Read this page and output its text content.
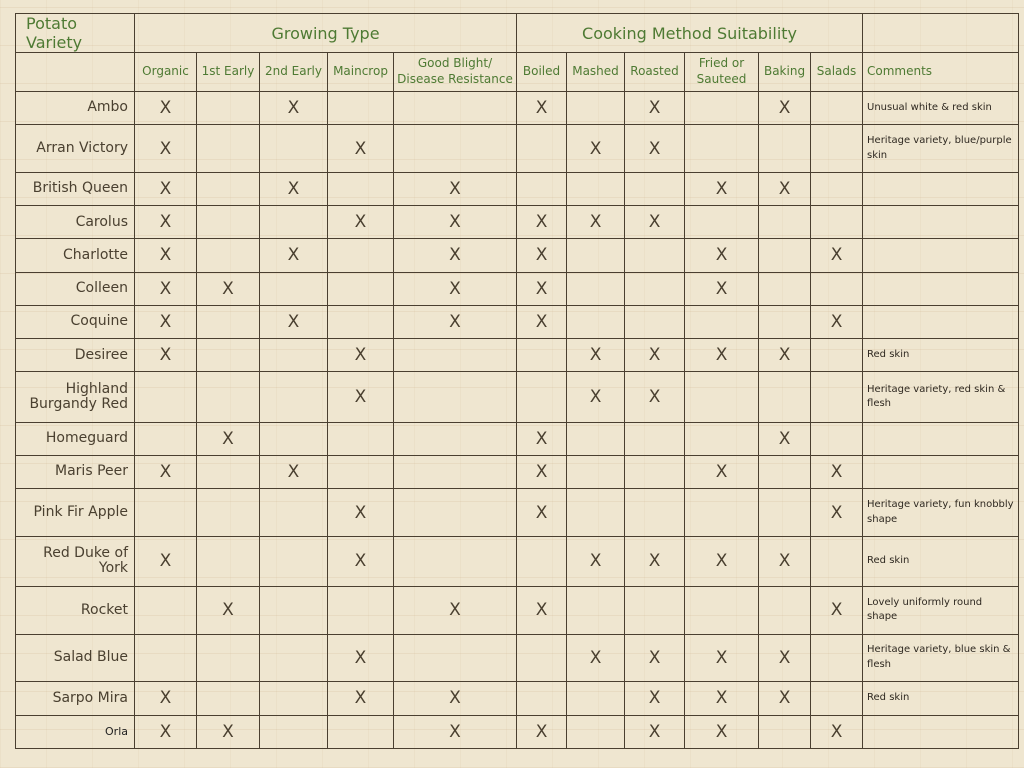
Potato Variety	Growing Type					Cooking Method Suitability						
	Organic	1st Early	2nd Early	Maincrop	Good Blight/ Disease Resistance	Boiled	Mashed	Roasted	Fried or Sauteed	Baking	Salads	Comments
Ambo	X		X			X		X		X		Unusual white & red skin
Arran Victory	X			X			X	X				Heritage variety, blue/purple skin
British Queen	X		X		X				X	X		
Carolus	X			X	X	X	X	X				
Charlotte	X		X		X	X			X		X	
Colleen	X	X			X	X			X			
Coquine	X		X		X	X					X	
Desiree	X			X			X	X	X	X		Red skin
Highland Burgandy Red				X			X	X				Heritage variety, red skin & flesh
Homeguard		X				X				X		
Maris Peer	X		X			X			X		X	
Pink Fir Apple				X		X					X	Heritage variety, fun knobbly shape
Red Duke of York	X			X			X	X	X	X		Red skin
Rocket		X			X	X					X	Lovely uniformly round shape
Salad Blue				X			X	X	X	X		Heritage variety, blue skin & flesh
Sarpo Mira	X			X	X			X	X	X		Red skin
Orla	X	X			X	X		X	X		X	
